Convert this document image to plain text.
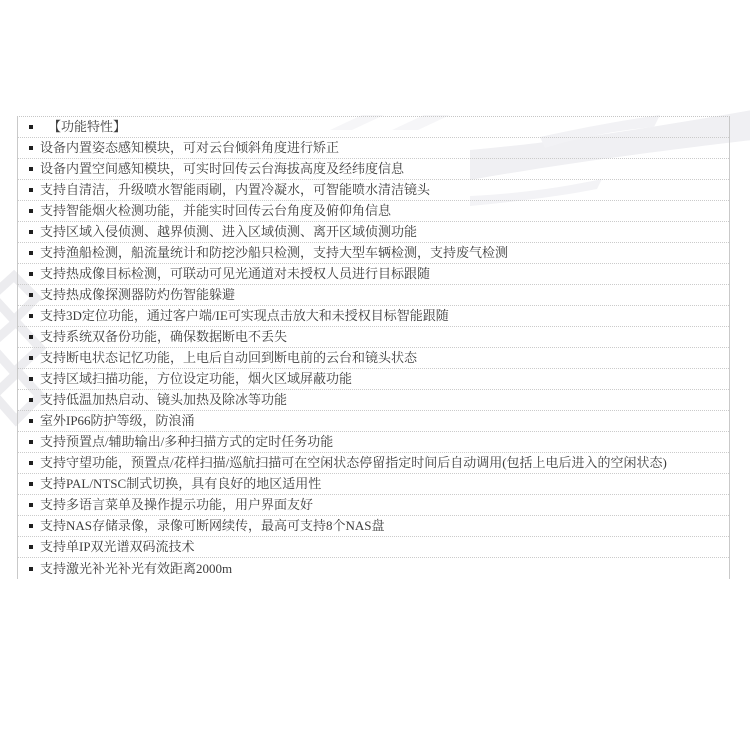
【功能特性】
设备内置姿态感知模块，可对云台倾斜角度进行矫正
设备内置空间感知模块，可实时回传云台海拔高度及经纬度信息
支持自清洁，升级喷水智能雨刷，内置冷凝水，可智能喷水清洁镜头
支持智能烟火检测功能，并能实时回传云台角度及俯仰角信息
支持区域入侵侦测、越界侦测、进入区域侦测、离开区域侦测功能
支持渔船检测，船流量统计和防挖沙船只检测，支持大型车辆检测，支持废气检测
支持热成像目标检测，可联动可见光通道对未授权人员进行目标跟随
支持热成像探测器防灼伤智能躲避
支持3D定位功能，通过客户端/IE可实现点击放大和未授权目标智能跟随
支持系统双备份功能，确保数据断电不丢失
支持断电状态记忆功能，上电后自动回到断电前的云台和镜头状态
支持区域扫描功能，方位设定功能，烟火区域屏蔽功能
支持低温加热启动、镜头加热及除冰等功能
室外IP66防护等级，防浪涌
支持预置点/辅助输出/多种扫描方式的定时任务功能
支持守望功能，预置点/花样扫描/巡航扫描可在空闲状态停留指定时间后自动调用(包括上电后进入的空闲状态)
支持PAL/NTSC制式切换，具有良好的地区适用性
支持多语言菜单及操作提示功能，用户界面友好
支持NAS存储录像，录像可断网续传，最高可支持8个NAS盘
支持单IP双光谱双码流技术
支持激光补光补光有效距离2000m
